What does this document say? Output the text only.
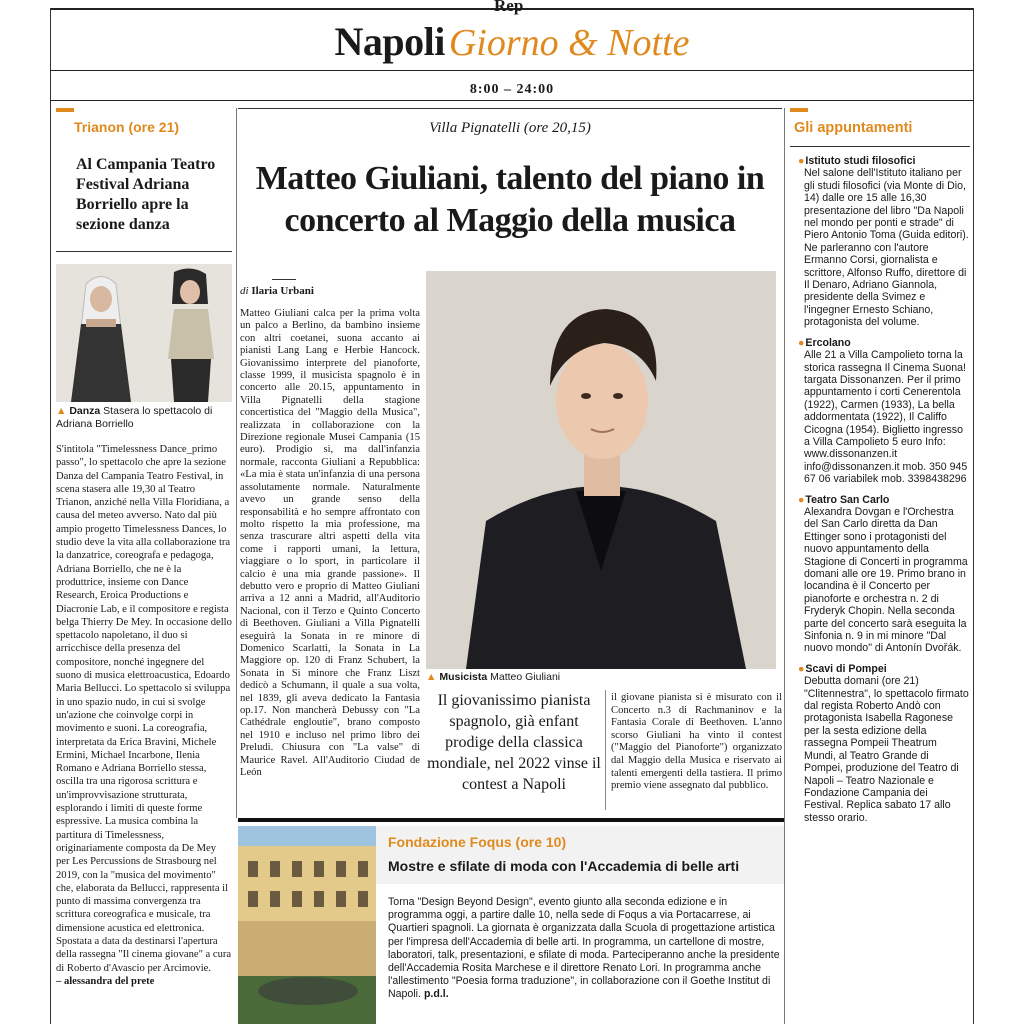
Rep
Napoli Giorno & Notte
8:00 – 24:00
Trianon (ore 21)
Al Campania Teatro Festival Adriana Borriello apre la sezione danza
▲ Danza Stasera lo spettacolo di Adriana Borriello
S'intitola "Timelessness Dance_primo passo", lo spettacolo che apre la sezione Danza del Campania Teatro Festival, in scena stasera alle 19,30 al Teatro Trianon, anziché nella Villa Floridiana, a causa del meteo avverso. Nato dal più ampio progetto Timelessness Dances, lo studio deve la vita alla collaborazione tra la danzatrice, coreografa e pedagoga, Adriana Borriello, che ne è la produttrice, insieme con Dance Research, Eroica Productions e Diacronie Lab, e il compositore e regista belga Thierry De Mey. In occasione dello spettacolo napoletano, il duo si arricchisce della presenza del compositore, nonché ingegnere del suono di musica elettroacustica, Edoardo Maria Bellucci. Lo spettacolo si sviluppa in uno spazio nudo, in cui si svolge un'azione che coinvolge corpi in movimento e suoni. La coreografia, interpretata da Erica Bravini, Michele Ermini, Michael Incarbone, Ilenia Romano e Adriana Borriello stessa, oscilla tra una rigorosa scrittura e un'improvvisazione strutturata, esplorando i limiti di queste forme espressive. La musica combina la partitura di Timelessness, originariamente composta da De Mey per Les Percussions de Strasbourg nel 2019, con la "musica del movimento" che, elaborata da Bellucci, rappresenta il punto di massima convergenza tra scrittura coreografica e musicale, tra dimensione acustica ed elettronica. Spostata a data da destinarsi l'apertura della rassegna "Il cinema giovane" a cura di Roberto d'Avascio per Arcimovie.
– alessandra del prete
Villa Pignatelli (ore 20,15)
Matteo Giuliani, talento del piano in concerto al Maggio della musica
di Ilaria Urbani
Matteo Giuliani calca per la prima volta un palco a Berlino, da bambino insieme con altri coetanei, suona accanto ai pianisti Lang Lang e Herbie Hancock. Giovanissimo interprete del pianoforte, classe 1999, il musicista spagnolo è in concerto alle 20.15, appuntamento in Villa Pignatelli della stagione concertistica del "Maggio della Musica", realizzata in collaborazione con la Direzione regionale Musei Campania (15 euro). Prodigio sì, ma dall'infanzia normale, racconta Giuliani a Repubblica: «La mia è stata un'infanzia di una persona assolutamente normale. Naturalmente avevo un grande senso della responsabilità e ho sempre affrontato con molto rispetto la mia professione, ma senza trascurare altri aspetti della vita come i rapporti umani, la lettura, viaggiare o lo sport, in particolare il calcio è una mia grande passione». Il debutto vero e proprio di Matteo Giuliani arriva a 12 anni a Madrid, all'Auditorio Nacional, con il Terzo e Quinto Concerto di Beethoven. Giuliani a Villa Pignatelli eseguirà la Sonata in re minore di Domenico Scarlatti, la Sonata in La Maggiore op. 120 di Franz Schubert, la Sonata in Si minore che Franz Liszt dedicò a Schumann, il quale a sua volta, nel 1839, gli aveva dedicato la Fantasia op.17. Non mancherà Debussy con "La Cathédrale engloutie", brano composto nel 1910 e incluso nel primo libro dei Preludi. Chiusura con "La valse" di Maurice Ravel. All'Auditorio Ciudad de León
▲ Musicista Matteo Giuliani
Il giovanissimo pianista spagnolo, già enfant prodige della classica mondiale, nel 2022 vinse il contest a Napoli
il giovane pianista si è misurato con il Concerto n.3 di Rachmaninov e la Fantasia Corale di Beethoven. L'anno scorso Giuliani ha vinto il contest ("Maggio del Pianoforte") organizzato dal Maggio della Musica e riservato ai talenti emergenti della tastiera. Il primo premio viene assegnato dal pubblico.
Fondazione Foqus (ore 10)
Mostre e sfilate di moda con l'Accademia di belle arti
Torna "Design Beyond Design", evento giunto alla seconda edizione e in programma oggi, a partire dalle 10, nella sede di Foqus a via Portacarrese, ai Quartieri spagnoli. La giornata è organizzata dalla Scuola di progettazione artistica per l'impresa dell'Accademia di belle arti. In programma, un cartellone di mostre, laboratori, talk, presentazioni, e sfilate di moda. Parteciperanno anche la presidente dell'Accademia Rosita Marchese e il direttore Renato Lori. In programma anche l'allestimento "Poesia forma traduzione", in collaborazione con il Goethe Institut di Napoli. p.d.l.
Gli appuntamenti
●Istituto studi filosofici
Nel salone dell'Istituto italiano per gli studi filosofici (via Monte di Dio, 14) dalle ore 15 alle 16,30 presentazione del libro "Da Napoli nel mondo per ponti e strade" di Piero Antonio Toma (Guida editori). Ne parleranno con l'autore Ermanno Corsi, giornalista e scrittore, Alfonso Ruffo, direttore di Il Denaro, Adriano Giannola, presidente della Svimez e l'ingegner Ernesto Schiano, protagonista del volume.
●Ercolano
Alle 21 a Villa Campolieto torna la storica rassegna Il Cinema Suona! targata Dissonanzen. Per il primo appuntamento i corti Cenerentola (1922), Carmen (1933), La bella addormentata (1922), Il Califfo Cicogna (1954). Biglietto ingresso a Villa Campolieto 5 euro Info: www.dissonanzen.it info@dissonanzen.it mob. 350 945 67 06 variabilek mob. 3398438296
●Teatro San Carlo
Alexandra Dovgan e l'Orchestra del San Carlo diretta da Dan Ettinger sono i protagonisti del nuovo appuntamento della Stagione di Concerti in programma domani alle ore 19. Primo brano in locandina è il Concerto per pianoforte e orchestra n. 2 di Fryderyk Chopin. Nella seconda parte del concerto sarà eseguita la Sinfonia n. 9 in mi minore "Dal nuovo mondo" di Antonín Dvořák.
●Scavi di Pompei
Debutta domani (ore 21) "Clitennestra", lo spettacolo firmato dal regista Roberto Andò con protagonista Isabella Ragonese per la sesta edizione della rassegna Pompeii Theatrum Mundi, al Teatro Grande di Pompei, produzione del Teatro di Napoli – Teatro Nazionale e Fondazione Campania dei Festival. Replica sabato 17 allo stesso orario.
